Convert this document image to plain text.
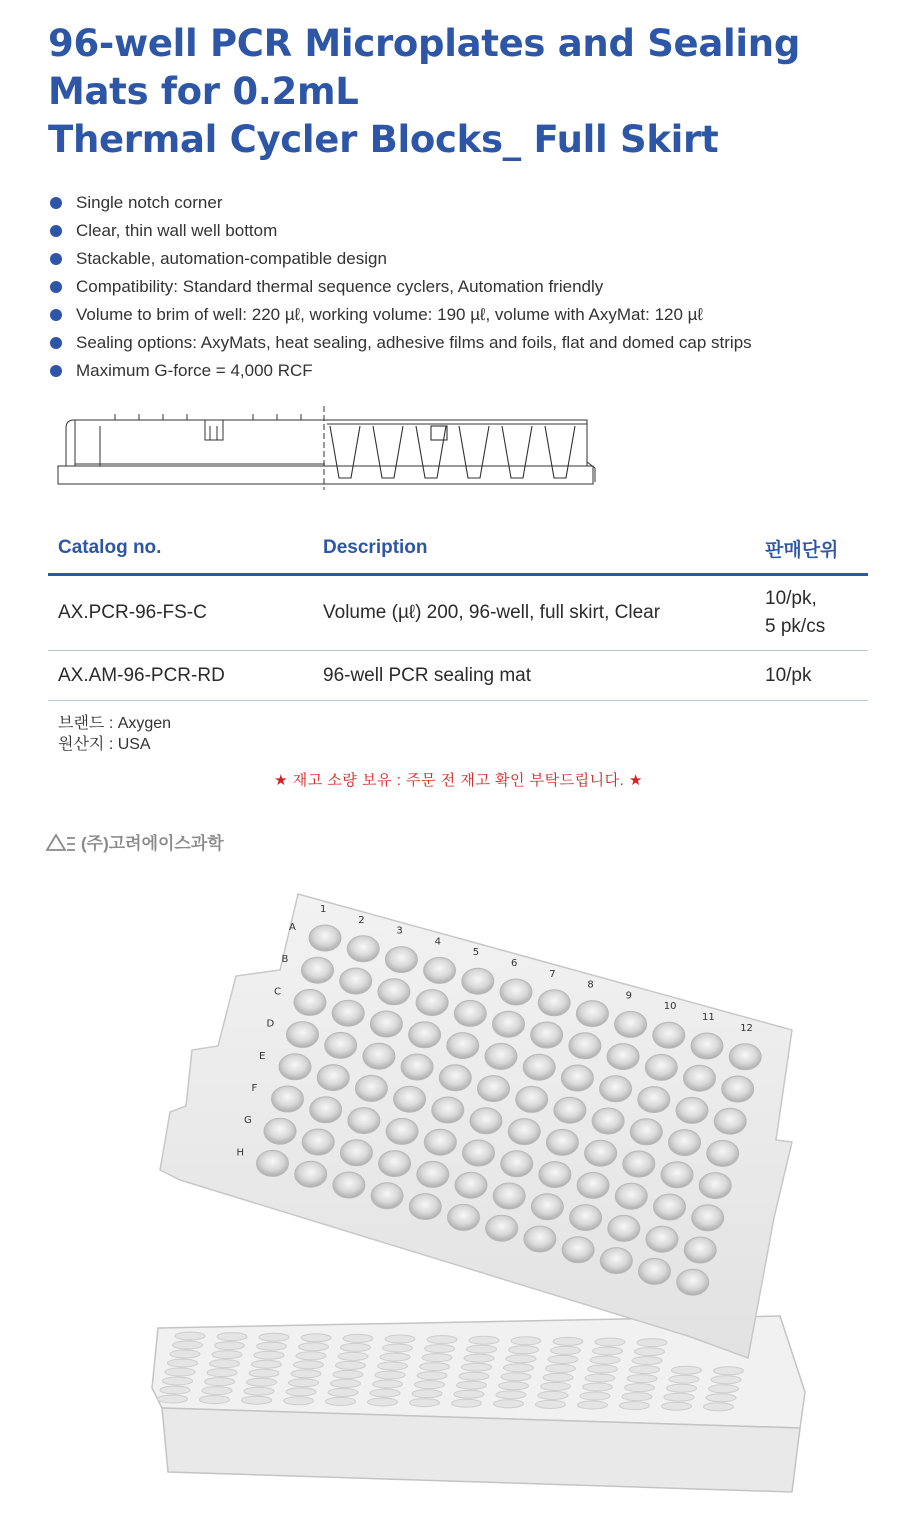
96-well PCR Microplates and Sealing
Mats for 0.2mL
Thermal Cycler Blocks_ Full Skirt
Single notch corner
Clear, thin wall well bottom
Stackable, automation-compatible design
Compatibility: Standard thermal sequence cyclers, Automation friendly
Volume to brim of well: 220 µℓ, working volume: 190 µℓ, volume with AxyMat: 120 µℓ
Sealing options: AxyMats, heat sealing, adhesive films and foils, flat and domed cap strips
Maximum G-force = 4,000 RCF
Catalog no.	Description	판매단위
AX.PCR-96-FS-C	Volume (µℓ) 200, 96-well, full skirt, Clear	10/pk,
5 pk/cs

AX.AM-96-PCR-RD	96-well PCR sealing mat	10/pk
브랜드 : Axygen
원산지 : USA
★ 재고 소량 보유 : 주문 전 재고 확인 부탁드립니다. ★
(주)고려에이스과학
1
2
3
4
5
6
7
8
9
10
11
12
A
B
C
D
E
F
G
H
